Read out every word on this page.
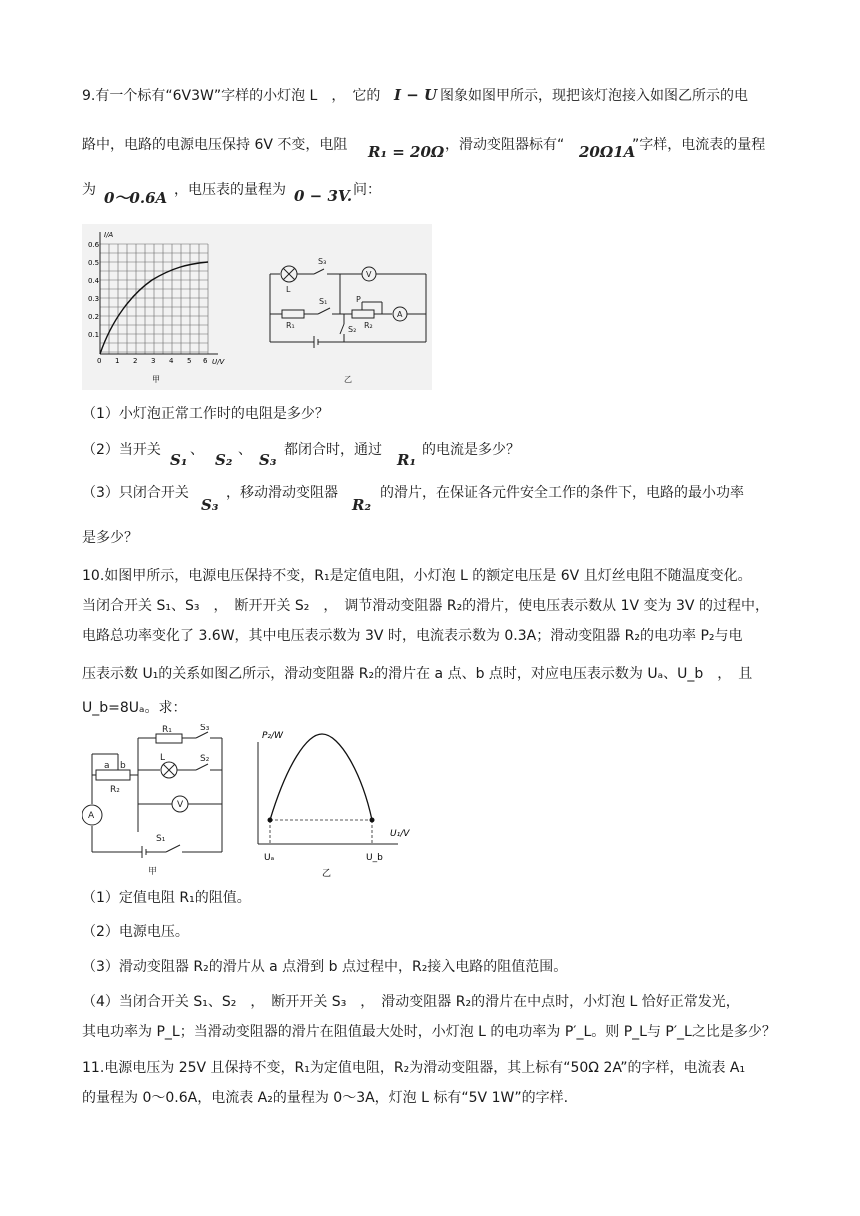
9.有一个标有“6V3W”字样的小灯泡 L　，　它的 I − U 图象如图甲所示，现把该灯泡接入如图乙所示的电
路中，电路的电源电压保持 6V 不变，电阻 R₁ = 20Ω ，滑动变阻器标有“ 20Ω1A
”字样，电流表的量程
为 0～0.6A ，电压表的量程为 0 − 3V. 问：
I/A
U/V
0.6
0.5
0.4
0.3
0.2
0.1
0 1 2 3 4 5 6
甲
L
S₃
V
S₁	P
A
R₁	S₂ R₂
乙
（1）小灯泡正常工作时的电阻是多少？
（2）当开关
S₁
、
S₂
、
S₃
都闭合时，通过
R₁
的电流是多少？
（3）只闭合开关
S₃
，移动滑动变阻器
R₂
的滑片，在保证各元件安全工作的条件下，电路的最小功率
是多少？
10.如图甲所示，电源电压保持不变，R₁是定值电阻，小灯泡 L 的额定电压是 6V 且灯丝电阻不随温度变化。
当闭合开关 S₁、S₃　，　断开开关 S₂　，　调节滑动变阻器 R₂的滑片，使电压表示数从 1V 变为 3V 的过程中，
电路总功率变化了 3.6W，其中电压表示数为 3V 时，电流表示数为 0.3A；滑动变阻器 R₂的电功率 P₂与电
压表示数 U₁的关系如图乙所示，滑动变阻器 R₂的滑片在 a 点、b 点时，对应电压表示数为 Uₐ、U_b　，　且
U_b=8Uₐ。求：
R₁	S₃
L	S₂
a b
R₂
V
A
S₁
甲
P₂/W
U₁/V
Uₐ	U_b
乙
（1）定值电阻 R₁的阻值。
（2）电源电压。
（3）滑动变阻器 R₂的滑片从 a 点滑到 b 点过程中，R₂接入电路的阻值范围。
（4）当闭合开关 S₁、S₂　，　断开开关 S₃　，　滑动变阻器 R₂的滑片在中点时，小灯泡 L 恰好正常发光，
其电功率为 P_L；当滑动变阻器的滑片在阻值最大处时，小灯泡 L 的电功率为 P′_L。则 P_L与 P′_L之比是多少？
11.电源电压为 25V 且保持不变，R₁为定值电阻，R₂为滑动变阻器，其上标有“50Ω 2A”的字样，电流表 A₁
的量程为 0～0.6A，电流表 A₂的量程为 0～3A，灯泡 L 标有“5V 1W”的字样.
